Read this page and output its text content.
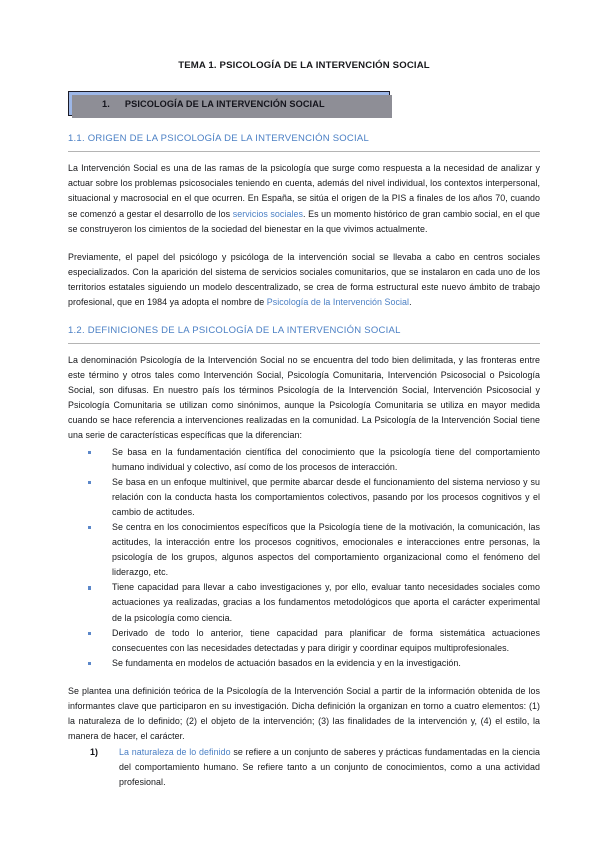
TEMA 1. PSICOLOGÍA DE LA INTERVENCIÓN SOCIAL
1.	PSICOLOGÍA DE LA INTERVENCIÓN SOCIAL
1.1. ORIGEN DE LA PSICOLOGÍA DE LA INTERVENCIÓN SOCIAL

La Intervención Social es una de las ramas de la psicología que surge como respuesta a la necesidad de analizar y actuar sobre los problemas psicosociales teniendo en cuenta, además del nivel individual, los contextos interpersonal, situacional y macrosocial en el que ocurren. En España, se sitúa el origen de la PIS a finales de los años 70, cuando se comenzó a gestar el desarrollo de los servicios sociales. Es un momento histórico de gran cambio social, en el que se construyeron los cimientos de la sociedad del bienestar en la que vivimos actualmente.

Previamente, el papel del psicólogo y psicóloga de la intervención social se llevaba a cabo en centros sociales especializados. Con la aparición del sistema de servicios sociales comunitarios, que se instalaron en cada uno de los territorios estatales siguiendo un modelo descentralizado, se crea de forma estructural este nuevo ámbito de trabajo profesional, que en 1984 ya adopta el nombre de Psicología de la Intervención Social.

1.2. DEFINICIONES DE LA PSICOLOGÍA DE LA INTERVENCIÓN SOCIAL

La denominación Psicología de la Intervención Social no se encuentra del todo bien delimitada, y las fronteras entre este término y otros tales como Intervención Social, Psicología Comunitaria, Intervención Psicosocial o Psicología Social, son difusas. En nuestro país los términos Psicología de la Intervención Social, Intervención Psicosocial y Psicología Comunitaria se utilizan como sinónimos, aunque la Psicología Comunitaria se utiliza en mayor medida cuando se hace referencia a intervenciones realizadas en la comunidad. La Psicología de la Intervención Social tiene una serie de características específicas que la diferencian:

Se basa en la fundamentación científica del conocimiento que la psicología tiene del comportamiento humano individual y colectivo, así como de los procesos de interacción.
Se basa en un enfoque multinivel, que permite abarcar desde el funcionamiento del sistema nervioso y su relación con la conducta hasta los comportamientos colectivos, pasando por los procesos cognitivos y el cambio de actitudes.
Se centra en los conocimientos específicos que la Psicología tiene de la motivación, la comunicación, las actitudes, la interacción entre los procesos cognitivos, emocionales e interacciones entre personas, la psicología de los grupos, algunos aspectos del comportamiento organizacional como el fenómeno del liderazgo, etc.
Tiene capacidad para llevar a cabo investigaciones y, por ello, evaluar tanto necesidades sociales como actuaciones ya realizadas, gracias a los fundamentos metodológicos que aporta el carácter experimental de la psicología como ciencia.
Derivado de todo lo anterior, tiene capacidad para planificar de forma sistemática actuaciones consecuentes con las necesidades detectadas y para dirigir y coordinar equipos multiprofesionales.
Se fundamenta en modelos de actuación basados en la evidencia y en la investigación.

Se plantea una definición teórica de la Psicología de la Intervención Social a partir de la información obtenida de los informantes clave que participaron en su investigación. Dicha definición la organizan en torno a cuatro elementos: (1) la naturaleza de lo definido; (2) el objeto de la intervención; (3) las finalidades de la intervención y, (4) el estilo, la manera de hacer, el carácter.

1) La naturaleza de lo definido se refiere a un conjunto de saberes y prácticas fundamentadas en la ciencia del comportamiento humano. Se refiere tanto a un conjunto de conocimientos, como a una actividad profesional.
